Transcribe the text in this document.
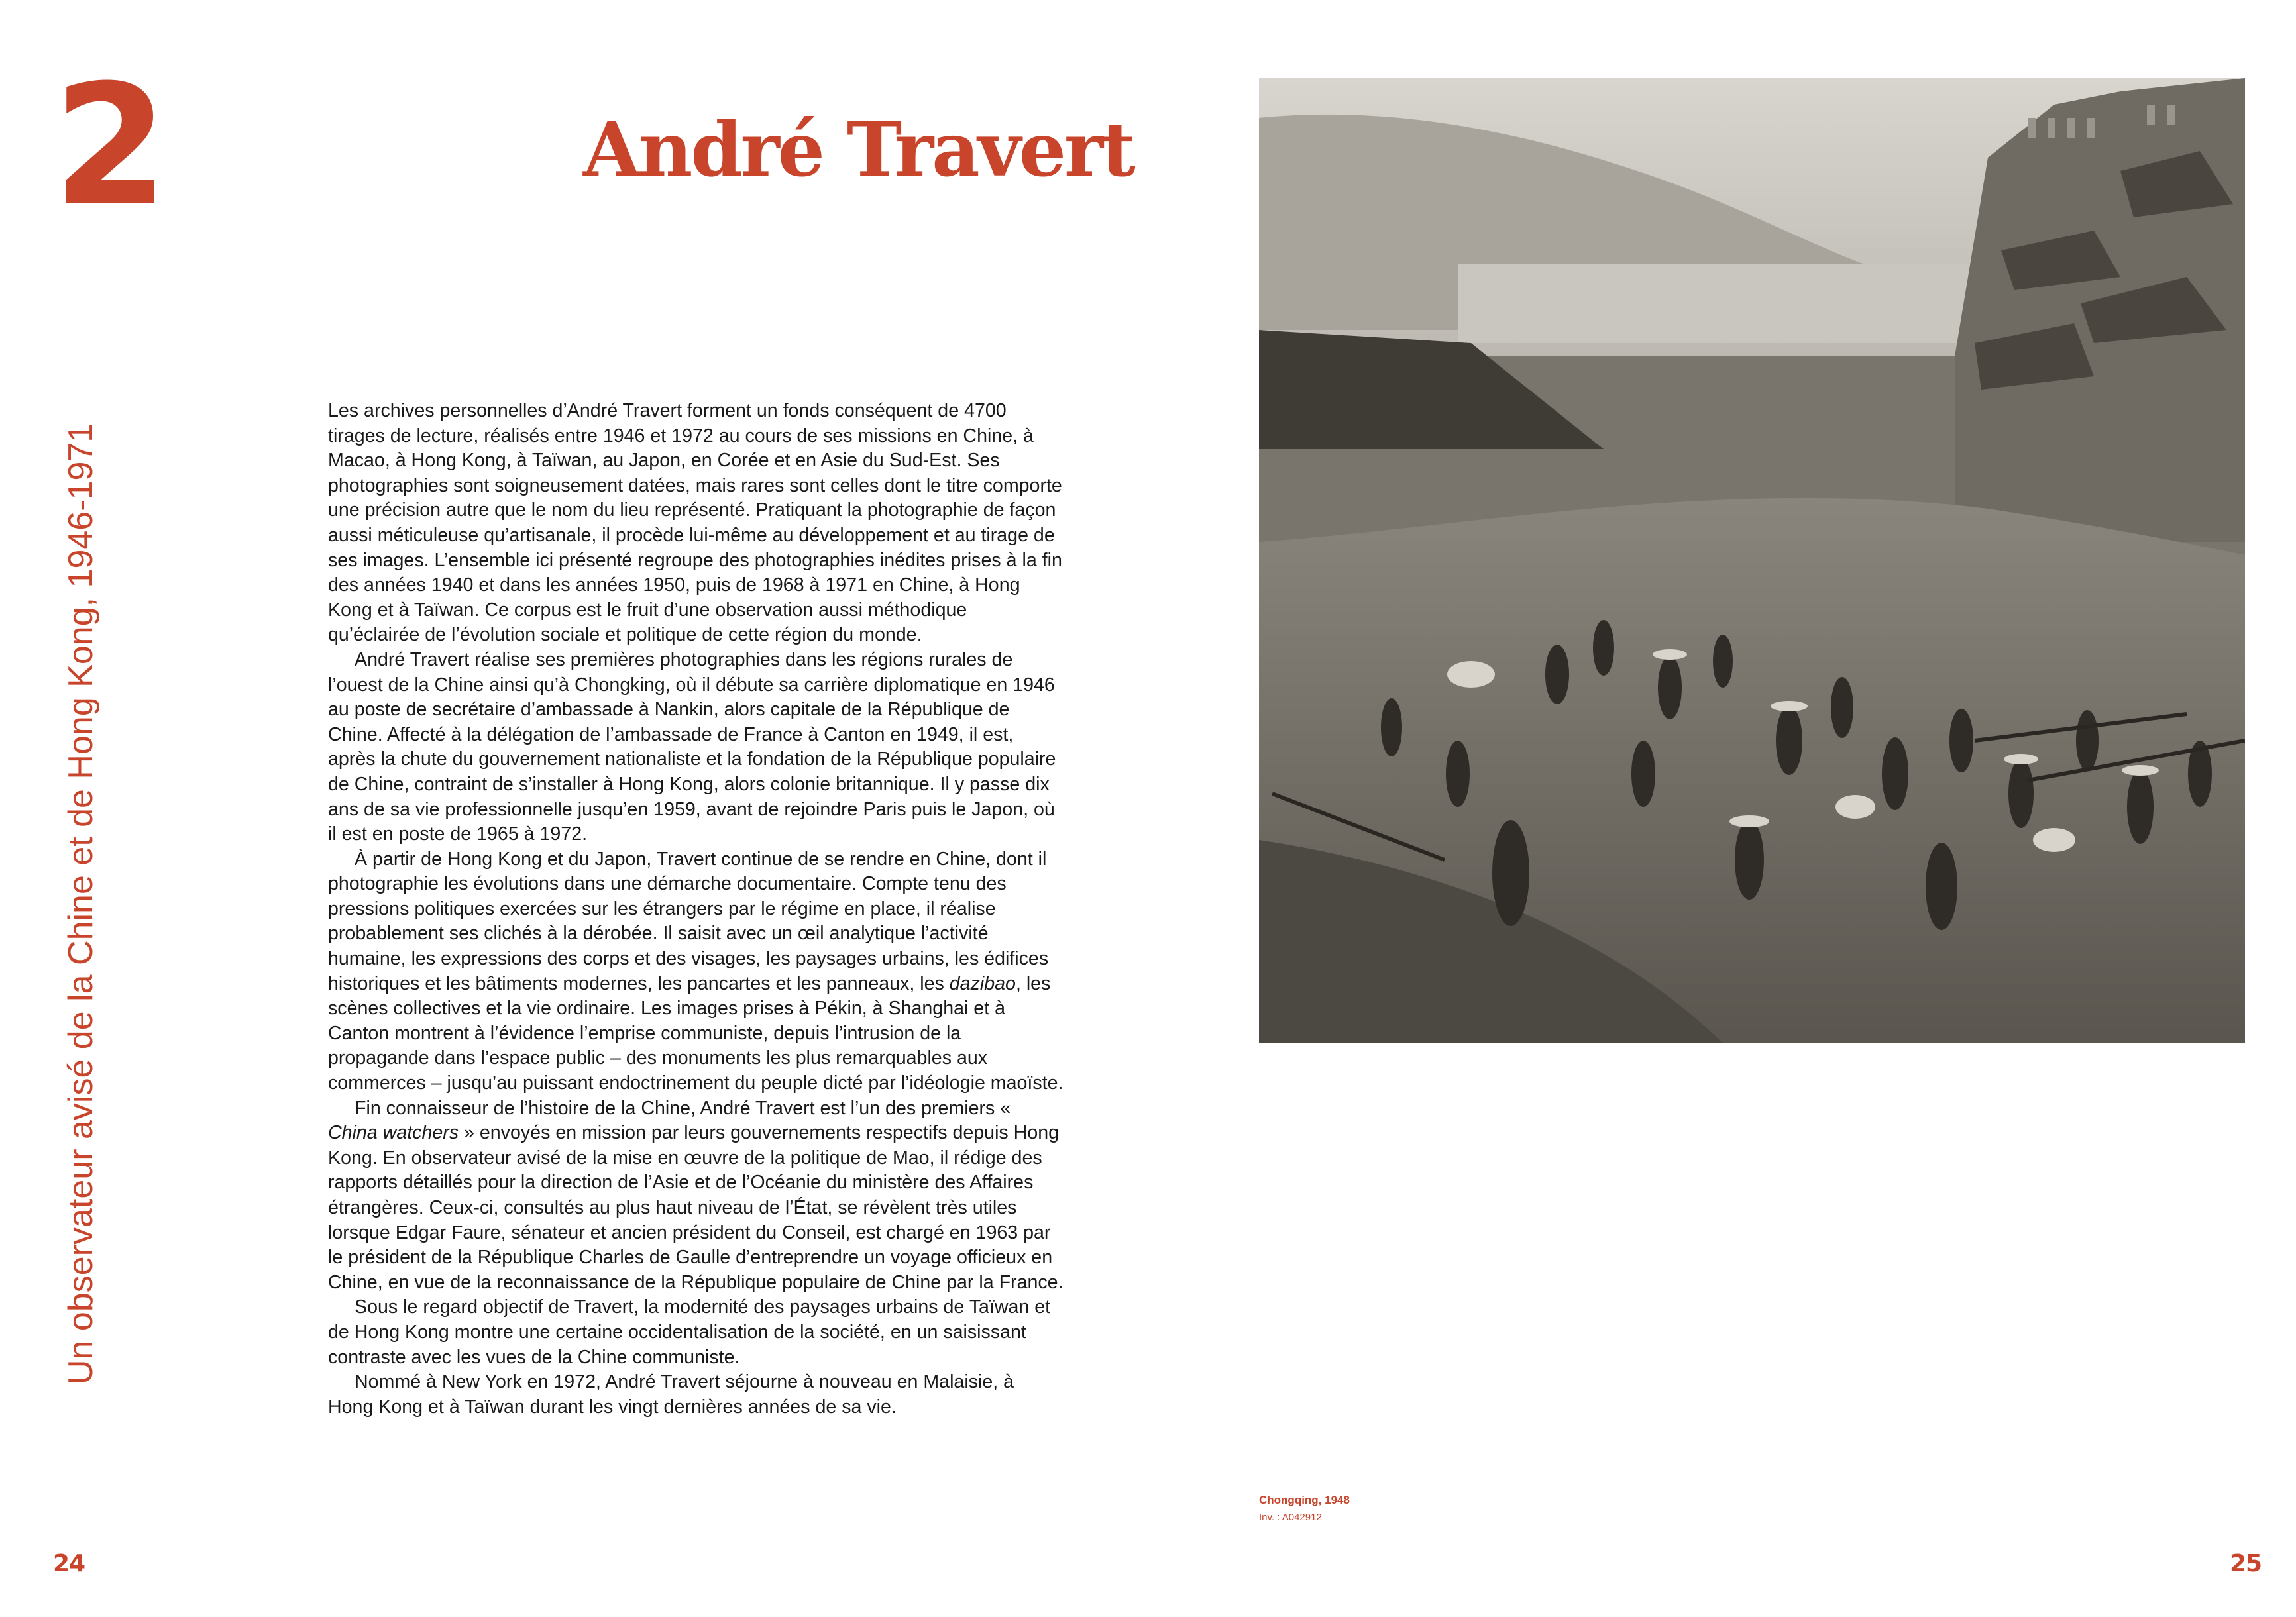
2
Un observateur avisé de la Chine et de Hong Kong, 1946-1971
André Travert

Les archives personnelles d’André Travert forment un fonds conséquent de 4700 tirages de lecture, réalisés entre 1946 et 1972 au cours de ses missions en Chine, à Macao, à Hong Kong, à Taïwan, au Japon, en Corée et en Asie du Sud-Est. Ses photographies sont soigneusement datées, mais rares sont celles dont le titre comporte une précision autre que le nom du lieu représenté. Pratiquant la photographie de façon aussi méticuleuse qu’artisanale, il procède lui-même au développement et au tirage de ses images. L’ensemble ici présenté regroupe des photographies inédites prises à la fin des années 1940 et dans les années 1950, puis de 1968 à 1971 en Chine, à Hong Kong et à Taïwan. Ce corpus est le fruit d’une observation aussi méthodique qu’éclairée de l’évolution sociale et politique de cette région du monde.

André Travert réalise ses premières photographies dans les régions rurales de l’ouest de la Chine ainsi qu’à Chongking, où il débute sa carrière diplomatique en 1946 au poste de secrétaire d’ambassade à Nankin, alors capitale de la République de Chine. Affecté à la délégation de l’ambassade de France à Canton en 1949, il est, après la chute du gouvernement nationaliste et la fondation de la République populaire de Chine, contraint de s’installer à Hong Kong, alors colonie britannique. Il y passe dix ans de sa vie professionnelle jusqu’en 1959, avant de rejoindre Paris puis le Japon, où il est en poste de 1965 à 1972.

À partir de Hong Kong et du Japon, Travert continue de se rendre en Chine, dont il photographie les évolutions dans une démarche documentaire. Compte tenu des pressions politiques exercées sur les étrangers par le régime en place, il réalise probablement ses clichés à la dérobée. Il saisit avec un œil analytique l’activité humaine, les expressions des corps et des visages, les paysages urbains, les édifices historiques et les bâtiments modernes, les pancartes et les panneaux, les dazibao, les scènes collectives et la vie ordinaire. Les images prises à Pékin, à Shanghai et à Canton montrent à l’évidence l’emprise communiste, depuis l’intrusion de la propagande dans l’espace public – des monuments les plus remarquables aux commerces – jusqu’au puissant endoctrinement du peuple dicté par l’idéologie maoïste.

Fin connaisseur de l’histoire de la Chine, André Travert est l’un des premiers « China watchers » envoyés en mission par leurs gouvernements respectifs depuis Hong Kong. En observateur avisé de la mise en œuvre de la politique de Mao, il rédige des rapports détaillés pour la direction de l’Asie et de l’Océanie du ministère des Affaires étrangères. Ceux-ci, consultés au plus haut niveau de l’État, se révèlent très utiles lorsque Edgar Faure, sénateur et ancien président du Conseil, est chargé en 1963 par le président de la République Charles de Gaulle d’entreprendre un voyage officieux en Chine, en vue de la reconnaissance de la République populaire de Chine par la France.

Sous le regard objectif de Travert, la modernité des paysages urbains de Taïwan et de Hong Kong montre une certaine occidentalisation de la société, en un saisissant contraste avec les vues de la Chine communiste.

Nommé à New York en 1972, André Travert séjourne à nouveau en Malaisie, à Hong Kong et à Taïwan durant les vingt dernières années de sa vie.

Chongqing, 1948
Inv. : A042912
24	25
